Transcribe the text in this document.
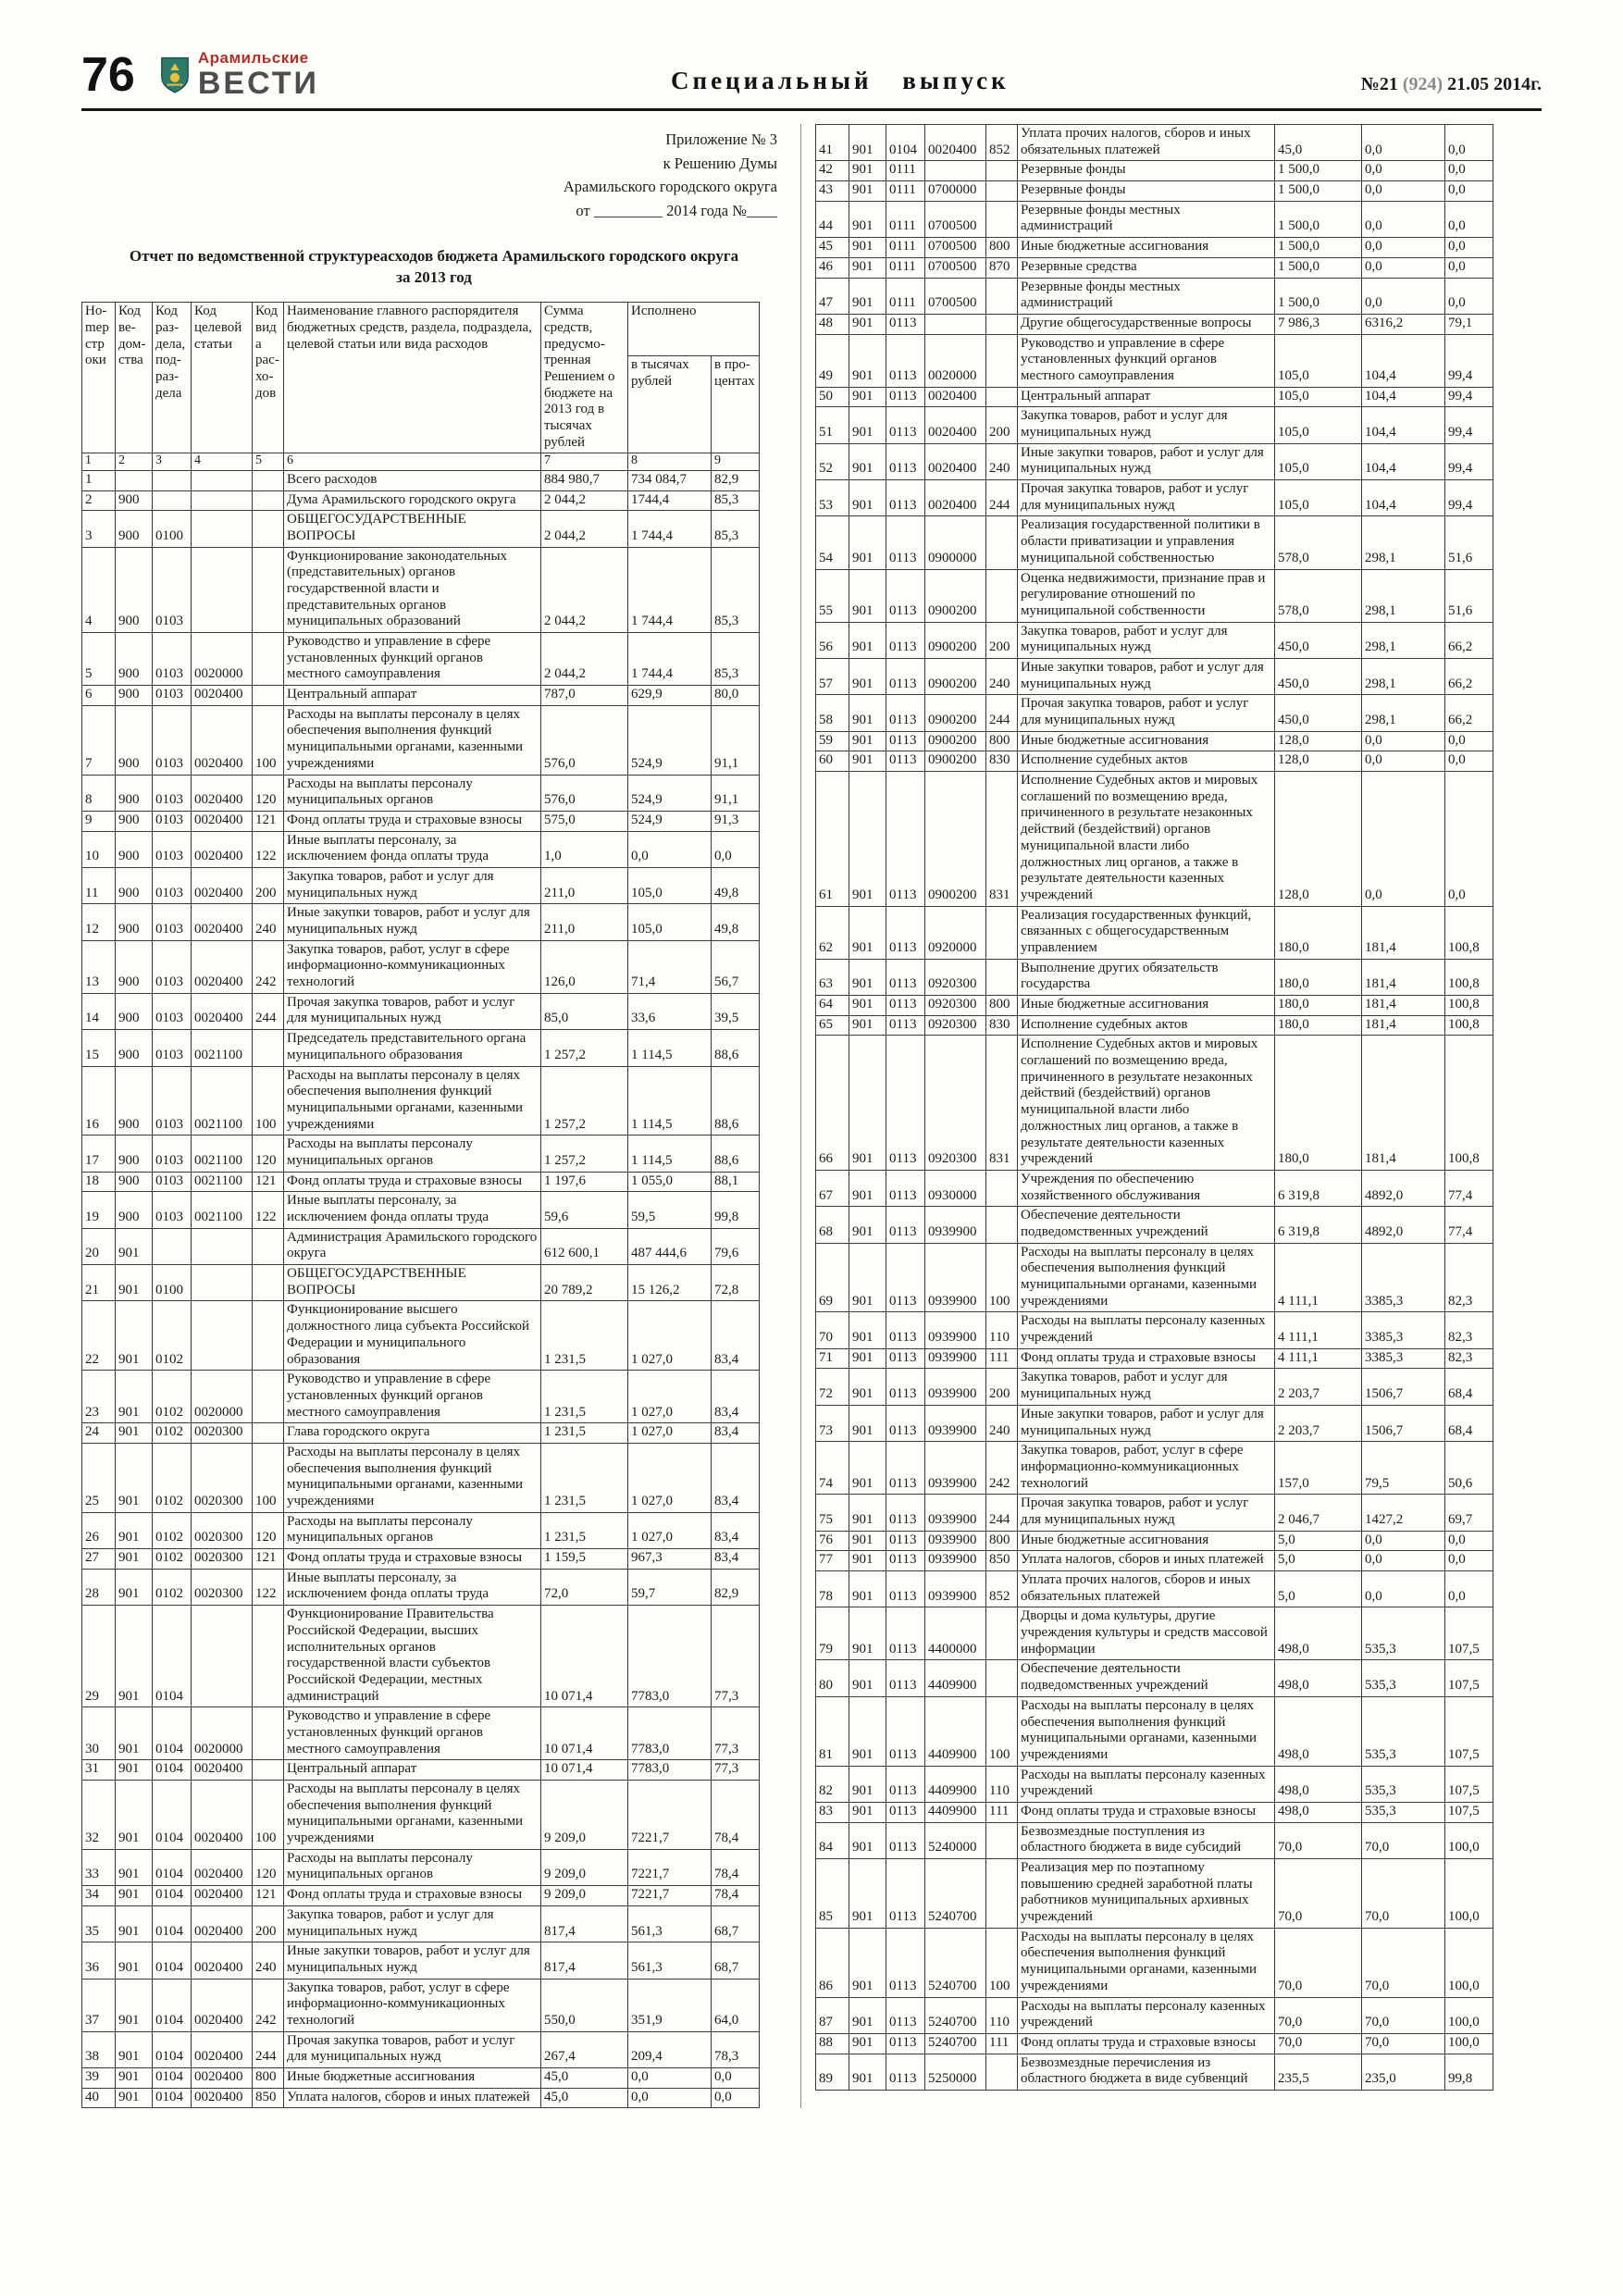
76	Арамильские
ВЕСТИ	Специальный выпуск	№21 (924) 21.05 2014г.
Приложение № 3
к Решению Думы
Арамильского городского округа
от _________ 2014 года №____
Отчет по ведомственной структуреасходов бюджета Арамильского городского округа
за 2013 год
Ноmер строки	Код ведомства	Код раздела, подраздела	Код целевой статьи	Код вида расходов	Наименование главного распорядителя бюджетных средств, раздела, подраздела, целевой статьи или вида расходов	Сумма средств, предусмотренная Решением о бюджете на 2013 год в тысячах рублей	Исполнено	
							в тысячах рублей	в процентах
1	2	3	4	5	6	7	8	9
1					Всего расходов	884 980,7	734 084,7	82,9
2	900				Дума Арамильского городского округа	2 044,2	1744,4	85,3
3	900	0100			ОБЩЕГОСУДАРСТВЕННЫЕ ВОПРОСЫ	2 044,2	1 744,4	85,3
4	900	0103			Функционирование законодательных (представительных) органов государственной власти и представительных органов муниципальных образований	2 044,2	1 744,4	85,3
5	900	0103	0020000		Руководство и управление в сфере установленных функций органов местного самоуправления	2 044,2	1 744,4	85,3
6	900	0103	0020400		Центральный аппарат	787,0	629,9	80,0
7	900	0103	0020400	100	Расходы на выплаты персоналу в целях обеспечения выполнения функций муниципальными органами, казенными учреждениями	576,0	524,9	91,1
8	900	0103	0020400	120	Расходы на выплаты персоналу муниципальных органов	576,0	524,9	91,1
9	900	0103	0020400	121	Фонд оплаты труда и страховые взносы	575,0	524,9	91,3
10	900	0103	0020400	122	Иные выплаты персоналу, за исключением фонда оплаты труда	1,0	0,0	0,0
11	900	0103	0020400	200	Закупка товаров, работ и услуг для муниципальных нужд	211,0	105,0	49,8
12	900	0103	0020400	240	Иные закупки товаров, работ и услуг для муниципальных нужд	211,0	105,0	49,8
13	900	0103	0020400	242	Закупка товаров, работ, услуг в сфере информационно-коммуникационных технологий	126,0	71,4	56,7
14	900	0103	0020400	244	Прочая закупка товаров, работ и услуг для муниципальных нужд	85,0	33,6	39,5
15	900	0103	0021100		Председатель представительного органа муниципального образования	1 257,2	1 114,5	88,6
16	900	0103	0021100	100	Расходы на выплаты персоналу в целях обеспечения выполнения функций муниципальными органами, казенными учреждениями	1 257,2	1 114,5	88,6
17	900	0103	0021100	120	Расходы на выплаты персоналу муниципальных органов	1 257,2	1 114,5	88,6
18	900	0103	0021100	121	Фонд оплаты труда и страховые взносы	1 197,6	1 055,0	88,1
19	900	0103	0021100	122	Иные выплаты персоналу, за исключением фонда оплаты труда	59,6	59,5	99,8
20	901				Администрация Арамильского городского округа	612 600,1	487 444,6	79,6
21	901	0100			ОБЩЕГОСУДАРСТВЕННЫЕ ВОПРОСЫ	20 789,2	15 126,2	72,8
22	901	0102			Функционирование высшего должностного лица субъекта Российской Федерации и муниципального образования	1 231,5	1 027,0	83,4
23	901	0102	0020000		Руководство и управление в сфере установленных функций органов местного самоуправления	1 231,5	1 027,0	83,4
24	901	0102	0020300		Глава городского округа	1 231,5	1 027,0	83,4
25	901	0102	0020300	100	Расходы на выплаты персоналу в целях обеспечения выполнения функций муниципальными органами, казенными учреждениями	1 231,5	1 027,0	83,4
26	901	0102	0020300	120	Расходы на выплаты персоналу муниципальных органов	1 231,5	1 027,0	83,4
27	901	0102	0020300	121	Фонд оплаты труда и страховые взносы	1 159,5	967,3	83,4
28	901	0102	0020300	122	Иные выплаты персоналу, за исключением фонда оплаты труда	72,0	59,7	82,9
29	901	0104			Функционирование Правительства Российской Федерации, высших исполнительных органов государственной власти субъектов Российской Федерации, местных администраций	10 071,4	7783,0	77,3
30	901	0104	0020000		Руководство и управление в сфере установленных функций органов местного самоуправления	10 071,4	7783,0	77,3
31	901	0104	0020400		Центральный аппарат	10 071,4	7783,0	77,3
32	901	0104	0020400	100	Расходы на выплаты персоналу в целях обеспечения выполнения функций муниципальными органами, казенными учреждениями	9 209,0	7221,7	78,4
33	901	0104	0020400	120	Расходы на выплаты персоналу муниципальных органов	9 209,0	7221,7	78,4
34	901	0104	0020400	121	Фонд оплаты труда и страховые взносы	9 209,0	7221,7	78,4
35	901	0104	0020400	200	Закупка товаров, работ и услуг для муниципальных нужд	817,4	561,3	68,7
36	901	0104	0020400	240	Иные закупки товаров, работ и услуг для муниципальных нужд	817,4	561,3	68,7
37	901	0104	0020400	242	Закупка товаров, работ, услуг в сфере информационно-коммуникационных технологий	550,0	351,9	64,0
38	901	0104	0020400	244	Прочая закупка товаров, работ и услуг для муниципальных нужд	267,4	209,4	78,3
39	901	0104	0020400	800	Иные бюджетные ассигнования	45,0	0,0	0,0
40	901	0104	0020400	850	Уплата налогов, сборов и иных платежей	45,0	0,0	0,0
41	901	0104	0020400	852	Уплата прочих налогов, сборов и иных обязательных платежей	45,0	0,0	0,0
42	901	0111			Резервные фонды	1 500,0	0,0	0,0
43	901	0111	0700000		Резервные фонды	1 500,0	0,0	0,0
44	901	0111	0700500		Резервные фонды местных администраций	1 500,0	0,0	0,0
45	901	0111	0700500	800	Иные бюджетные ассигнования	1 500,0	0,0	0,0
46	901	0111	0700500	870	Резервные средства	1 500,0	0,0	0,0
47	901	0111	0700500		Резервные фонды местных администраций	1 500,0	0,0	0,0
48	901	0113			Другие общегосударственные вопросы	7 986,3	6316,2	79,1
49	901	0113	0020000		Руководство и управление в сфере установленных функций органов местного самоуправления	105,0	104,4	99,4
50	901	0113	0020400		Центральный аппарат	105,0	104,4	99,4
51	901	0113	0020400	200	Закупка товаров, работ и услуг для муниципальных нужд	105,0	104,4	99,4
52	901	0113	0020400	240	Иные закупки товаров, работ и услуг для муниципальных нужд	105,0	104,4	99,4
53	901	0113	0020400	244	Прочая закупка товаров, работ и услуг для муниципальных нужд	105,0	104,4	99,4
54	901	0113	0900000		Реализация государственной политики в области приватизации и управления муниципальной собственностью	578,0	298,1	51,6
55	901	0113	0900200		Оценка недвижимости, признание прав и регулирование отношений по муниципальной собственности	578,0	298,1	51,6
56	901	0113	0900200	200	Закупка товаров, работ и услуг для муниципальных нужд	450,0	298,1	66,2
57	901	0113	0900200	240	Иные закупки товаров, работ и услуг для муниципальных нужд	450,0	298,1	66,2
58	901	0113	0900200	244	Прочая закупка товаров, работ и услуг для муниципальных нужд	450,0	298,1	66,2
59	901	0113	0900200	800	Иные бюджетные ассигнования	128,0	0,0	0,0
60	901	0113	0900200	830	Исполнение судебных актов	128,0	0,0	0,0
61	901	0113	0900200	831	Исполнение Судебных актов и мировых соглашений по возмещению вреда, причиненного в результате незаконных действий (бездействий) органов муниципальной власти либо должностных лиц органов, а также в результате деятельности казенных учреждений	128,0	0,0	0,0
62	901	0113	0920000		Реализация государственных функций, связанных с общегосударственным управлением	180,0	181,4	100,8
63	901	0113	0920300		Выполнение других обязательств государства	180,0	181,4	100,8
64	901	0113	0920300	800	Иные бюджетные ассигнования	180,0	181,4	100,8
65	901	0113	0920300	830	Исполнение судебных актов	180,0	181,4	100,8
66	901	0113	0920300	831	Исполнение Судебных актов и мировых соглашений по возмещению вреда, причиненного в результате незаконных действий (бездействий) органов муниципальной власти либо должностных лиц органов, а также в результате деятельности казенных учреждений	180,0	181,4	100,8
67	901	0113	0930000		Учреждения по обеспечению хозяйственного обслуживания	6 319,8	4892,0	77,4
68	901	0113	0939900		Обеспечение деятельности подведомственных учреждений	6 319,8	4892,0	77,4
69	901	0113	0939900	100	Расходы на выплаты персоналу в целях обеспечения выполнения функций муниципальными органами, казенными учреждениями	4 111,1	3385,3	82,3
70	901	0113	0939900	110	Расходы на выплаты персоналу казенных учреждений	4 111,1	3385,3	82,3
71	901	0113	0939900	111	Фонд оплаты труда и страховые взносы	4 111,1	3385,3	82,3
72	901	0113	0939900	200	Закупка товаров, работ и услуг для муниципальных нужд	2 203,7	1506,7	68,4
73	901	0113	0939900	240	Иные закупки товаров, работ и услуг для муниципальных нужд	2 203,7	1506,7	68,4
74	901	0113	0939900	242	Закупка товаров, работ, услуг в сфере информационно-коммуникационных технологий	157,0	79,5	50,6
75	901	0113	0939900	244	Прочая закупка товаров, работ и услуг для муниципальных нужд	2 046,7	1427,2	69,7
76	901	0113	0939900	800	Иные бюджетные ассигнования	5,0	0,0	0,0
77	901	0113	0939900	850	Уплата налогов, сборов и иных платежей	5,0	0,0	0,0
78	901	0113	0939900	852	Уплата прочих налогов, сборов и иных обязательных платежей	5,0	0,0	0,0
79	901	0113	4400000		Дворцы и дома культуры, другие учреждения культуры и средств массовой информации	498,0	535,3	107,5
80	901	0113	4409900		Обеспечение деятельности подведомственных учреждений	498,0	535,3	107,5
81	901	0113	4409900	100	Расходы на выплаты персоналу в целях обеспечения выполнения функций муниципальными органами, казенными учреждениями	498,0	535,3	107,5
82	901	0113	4409900	110	Расходы на выплаты персоналу казенных учреждений	498,0	535,3	107,5
83	901	0113	4409900	111	Фонд оплаты труда и страховые взносы	498,0	535,3	107,5
84	901	0113	5240000		Безвозмездные поступления из областного бюджета в виде субсидий	70,0	70,0	100,0
85	901	0113	5240700		Реализация мер по поэтапному повышению средней заработной платы работников муниципальных архивных учреждений	70,0	70,0	100,0
86	901	0113	5240700	100	Расходы на выплаты персоналу в целях обеспечения выполнения функций муниципальными органами, казенными учреждениями	70,0	70,0	100,0
87	901	0113	5240700	110	Расходы на выплаты персоналу казенных учреждений	70,0	70,0	100,0
88	901	0113	5240700	111	Фонд оплаты труда и страховые взносы	70,0	70,0	100,0
89	901	0113	5250000		Безвозмездные перечисления из областного бюджета в виде субвенций	235,5	235,0	99,8
